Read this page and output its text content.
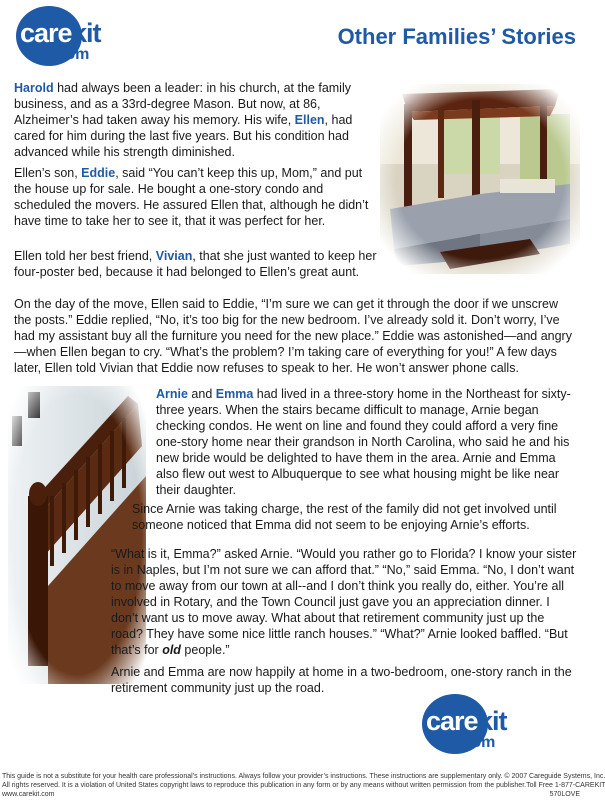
care kit
.com
Other Families’ Stories

Harold had always been a leader: in his church, at the family business, and as a 33rd-degree Mason. But now, at 86, Alzheimer’s had taken away his memory. His wife, Ellen, had cared for him during the last five years. But his condition had advanced while his strength diminished.

Ellen’s son, Eddie, said “You can’t keep this up, Mom,” and put the house up for sale. He bought a one-story condo and scheduled the movers. He assured Ellen that, although he didn’t have time to take her to see it, that it was perfect for her.

Ellen told her best friend, Vivian, that she just wanted to keep her four-poster bed, because it had belonged to Ellen’s great aunt.

On the day of the move, Ellen said to Eddie, “I’m sure we can get it through the door if we unscrew the posts.” Eddie replied, “No, it’s too big for the new bedroom. I’ve already sold it. Don’t worry, I’ve had my assistant buy all the furniture you need for the new place.” Eddie was astonished—and angry—when Ellen began to cry. “What’s the problem? I’m taking care of everything for you!” A few days later, Ellen told Vivian that Eddie now refuses to speak to her. He won’t answer phone calls.

Arnie and Emma had lived in a three-story home in the Northeast for sixty-three years. When the stairs became difficult to manage, Arnie began checking condos. He went on line and found they could afford a very fine one-story home near their grandson in North Carolina, who said he and his new bride would be delighted to have them in the area. Arnie and Emma also flew out west to Albuquerque to see what housing might be like near their daughter.

Since Arnie was taking charge, the rest of the family did not get involved until someone noticed that Emma did not seem to be enjoying Arnie’s efforts.

“What is it, Emma?” asked Arnie. “Would you rather go to Florida? I know your sister is in Naples, but I’m not sure we can afford that.” “No,” said Emma. “No, I don’t want to move away from our town at all--and I don’t think you really do, either. You’re all involved in Rotary, and the Town Council just gave you an appreciation dinner. I don’t want us to move away. What about that retirement community just up the road? They have some nice little ranch houses.” “What?” Arnie looked baffled. “But that’s for old people.”

Arnie and Emma are now happily at home in a two-bedroom, one-story ranch in the retirement community just up the road.

care kit
.com
This guide is not a substitute for your health care professional’s instructions. Always follow your provider’s instructions. These instructions are supplementary only. © 2007 Careguide Systems, Inc.
All rights reserved. It is a violation of United States copyright laws to reproduce this publication in any form or by any means without written permission from the publisher. Toll Free 1-877-CAREKIT
www.carekit.com	570LOVE
